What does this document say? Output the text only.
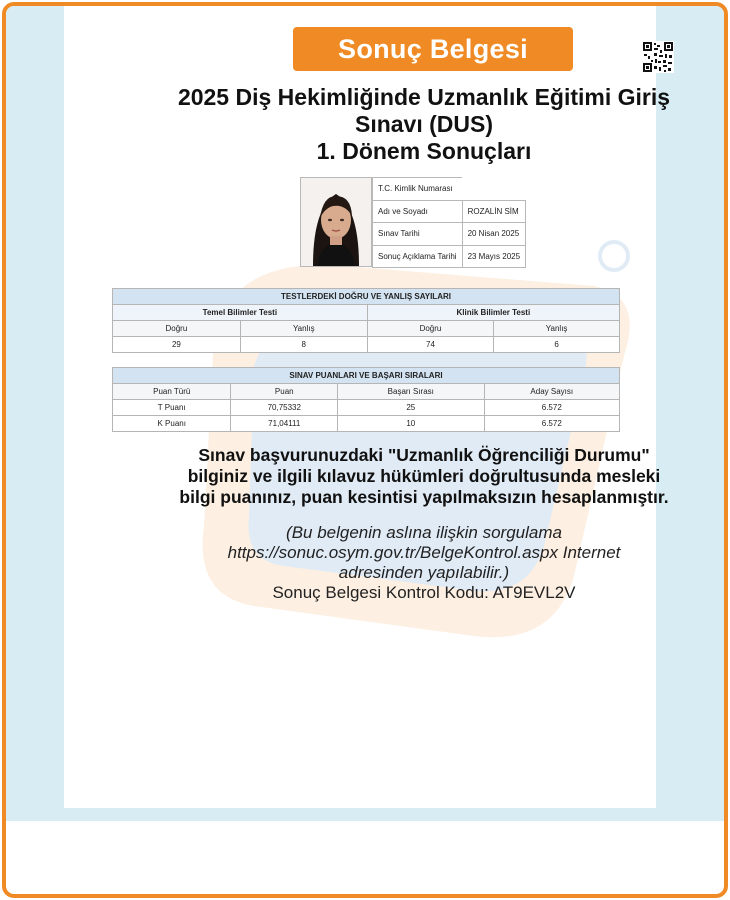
Sonuç Belgesi
2025 Diş Hekimliğinde Uzmanlık Eğitimi Giriş
Sınavı (DUS)
1. Dönem Sonuçları
T.C. Kimlik Numarası	
Adı ve Soyadı	ROZALİN SİM
Sınav Tarihi	20 Nisan 2025
Sonuç Açıklama Tarihi	23 Mayıs 2025
TESTLERDEKİ DOĞRU VE YANLIŞ SAYILARI			
Temel Bilimler Testi		Klinik Bilimler Testi	
Doğru	Yanlış	Doğru	Yanlış
29	8	74	6
SINAV PUANLARI VE BAŞARI SIRALARI			
Puan Türü	Puan	Başarı Sırası	Aday Sayısı
T Puanı	70,75332	25	6.572
K Puanı	71,04111	10	6.572
Sınav başvurunuzdaki "Uzmanlık Öğrenciliği Durumu"
bilginiz ve ilgili kılavuz hükümleri doğrultusunda mesleki
bilgi puanınız, puan kesintisi yapılmaksızın hesaplanmıştır.
(Bu belgenin aslına ilişkin sorgulama
https://sonuc.osym.gov.tr/BelgeKontrol.aspx Internet
adresinden yapılabilir.)
Sonuç Belgesi Kontrol Kodu: AT9EVL2V
